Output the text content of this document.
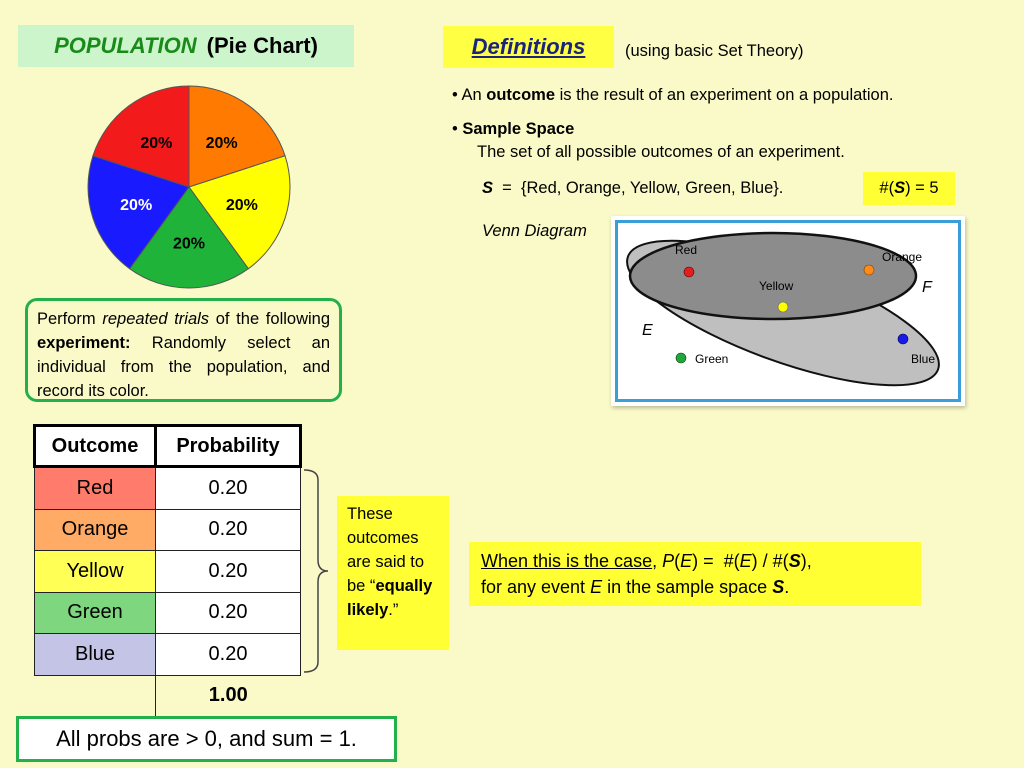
POPULATION (Pie Chart)
20% 20%
20%
20%
20%
Perform repeated trials of the following experiment: Randomly select an individual from the population, and record its color.
Outcome	Probability
Red	0.20
Orange	0.20
Yellow	0.20
Green	0.20
Blue	0.20
	1.00
These outcomes are said to be “equally likely.”
All probs are > 0, and sum = 1.
Definitions	(using basic Set Theory)
• An outcome is the result of an experiment on a population.
• Sample Space
The set of all possible outcomes of an experiment.
S  =  {Red, Orange, Yellow, Green, Blue}.	#( S ) = 5
Venn Diagram
E
F
Red	Orange
Yellow
Green	Blue
When this is the case, P(E) =  #(E) / #(S),
for any event E in the sample space S.
